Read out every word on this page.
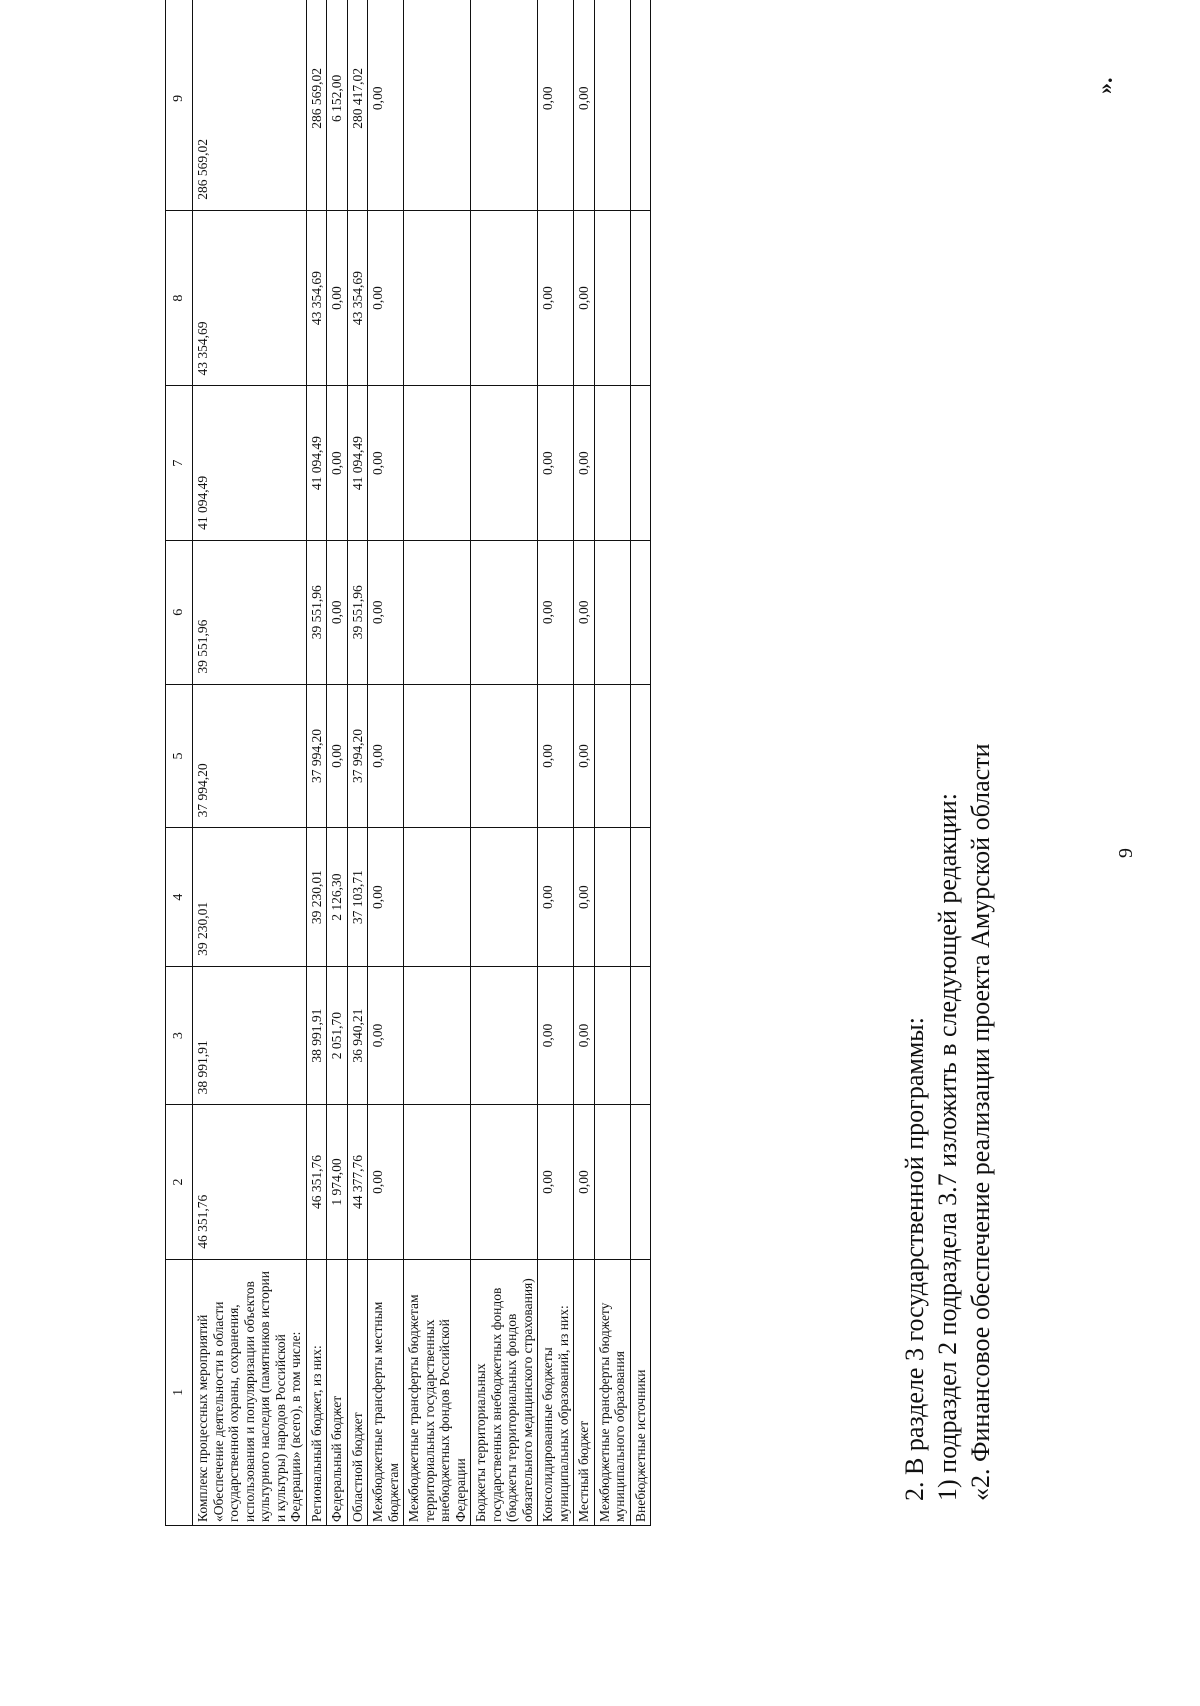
9
1	2	3	4	5	6	7	8	9
Комплекс процессных мероприятий «Обеспечение деятельности в области государственной охраны, сохранения, использования и популяризации объектов культурного наследия (памятников истории и культуры) народов Российской Федерации» (всего), в том числе:	46 351,76	38 991,91	39 230,01	37 994,20	39 551,96	41 094,49	43 354,69	286 569,02
Региональный бюджет, из них:	46 351,76	38 991,91	39 230,01	37 994,20	39 551,96	41 094,49	43 354,69	286 569,02
Федеральный бюджет	1 974,00	2 051,70	2 126,30	0,00	0,00	0,00	0,00	6 152,00
Областной бюджет	44 377,76	36 940,21	37 103,71	37 994,20	39 551,96	41 094,49	43 354,69	280 417,02
Межбюджетные трансферты местным бюджетам	0,00	0,00	0,00	0,00	0,00	0,00	0,00	0,00
Межбюджетные трансферты бюджетам территориальных государственных внебюджетных фондов Российской Федерации								
Бюджеты территориальных государственных внебюджетных фондов (бюджеты территориальных фондов обязательного медицинского страхования)								
Консолидированные бюджеты муниципальных образований, из них:	0,00	0,00	0,00	0,00	0,00	0,00	0,00	0,00
Местный бюджет	0,00	0,00	0,00	0,00	0,00	0,00	0,00	0,00
Межбюджетные трансферты бюджету муниципального образования								
Внебюджетные источники								
».
2. В разделе 3 государственной программы: 1) подраздел 2 подраздела 3.7 изложить в следующей редакции: «2. Финансовое обеспечение реализации проекта Амурской области
